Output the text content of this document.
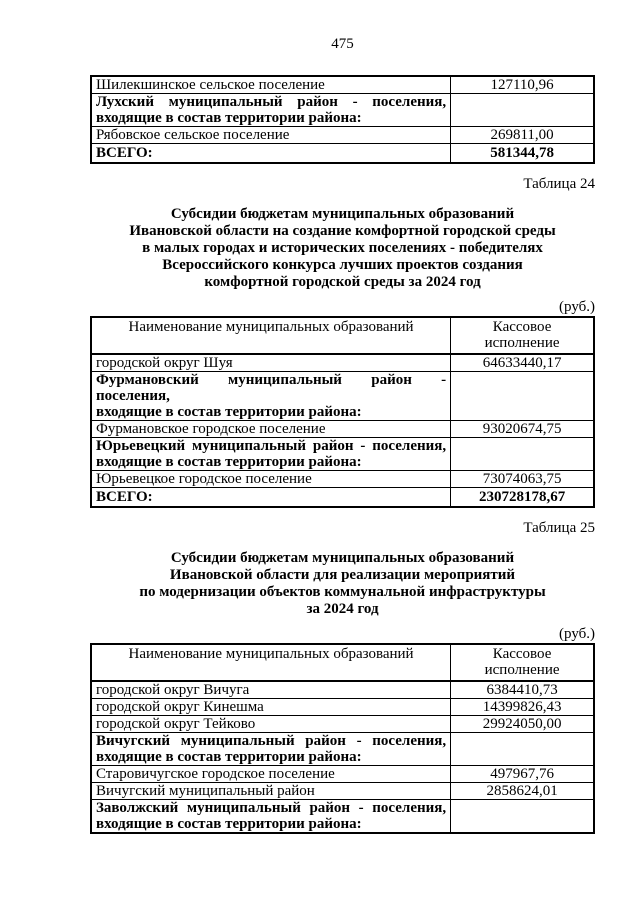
475
Шилекшинское сельское поселение	127110,96

Лухский муниципальный район - поселения,
входящие в состав территории района:	

Рябовское сельское поселение	269811,00
ВСЕГО:	581344,78
Таблица 24
Субсидии бюджетам муниципальных образований
Ивановской области на создание комфортной городской среды
в малых городах и исторических поселениях - победителях
Всероссийского конкурса лучших проектов создания
комфортной городской среды за 2024 год
(руб.)
Наименование муниципальных образований	Кассовое
исполнение

городской округ Шуя	64633440,17

Фурмановский муниципальный район - поселения,
входящие в состав территории района:	

Фурмановское городское поселение	93020674,75

Юрьевецкий муниципальный район - поселения,
входящие в состав территории района:	

Юрьевецкое городское поселение	73074063,75
ВСЕГО:	230728178,67
Таблица 25
Субсидии бюджетам муниципальных образований
Ивановской области для реализации мероприятий
по модернизации объектов коммунальной инфраструктуры
за 2024 год
(руб.)
Наименование муниципальных образований	Кассовое
исполнение

городской округ Вичуга	6384410,73
городской округ Кинешма	14399826,43
городской округ Тейково	29924050,00

Вичугский муниципальный район - поселения,
входящие в состав территории района:	

Старовичугское городское поселение	497967,76
Вичугский муниципальный район	2858624,01

Заволжский муниципальный район - поселения,
входящие в состав территории района:	
